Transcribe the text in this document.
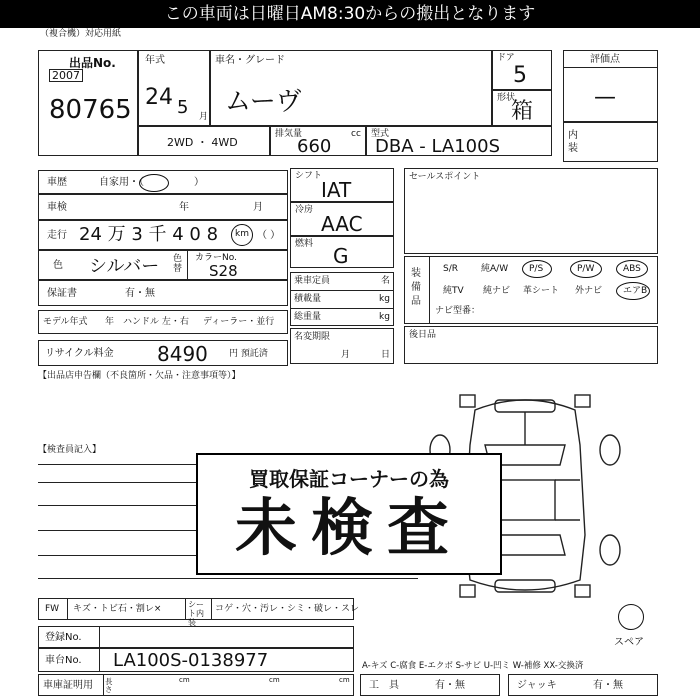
この車両は日曜日AM8:30からの搬出となります
（複合機）対応用紙
出品No.
2007
80765
年式
24 5 月
車名・グレード
ムーヴ
ドア
5
形状
箱
評価点
—
内
装
2WD ・ 4WD
排気量	cc
660
型式
DBA - LA100S
車歴	自家用・（　　　　　）
車検	年	月
走行 24 万 3 千 4 0 8 km （ ）
色 シルバー 色替
カラーNo.
S28
保証書	有・無
モデル年式 年 ハンドル 左・右 ディーラー・並行
リサイクル料金 8490 円 預託済
シフト
IAT
冷房
AAC
燃料 G
乗車定員	名
積載量	kg
総重量	kg
名変期限
月	日
セールスポイント
装備品
S/R	純A/W P/S	P/W	ABS
純TV 純ナビ 革シート 外ナビ エアB
ナビ型番：
後日品
【出品店申告欄（不良箇所・欠品・注意事項等）】
【検査員記入】
買取保証コーナーの為
未検査
FW キズ・トビ石・割レ×	シート内装
コゲ・穴・汚レ・シミ・破レ・スレ
スペア
登録No.
車台No. LA100S-0138977	A-キズ C-腐食 E-エクボ S-サビ U-凹ミ W-補修 XX-交換済
車庫証明用 長さ
cm	cm	cm 工　具	有・無	ジャッキ	有・無
